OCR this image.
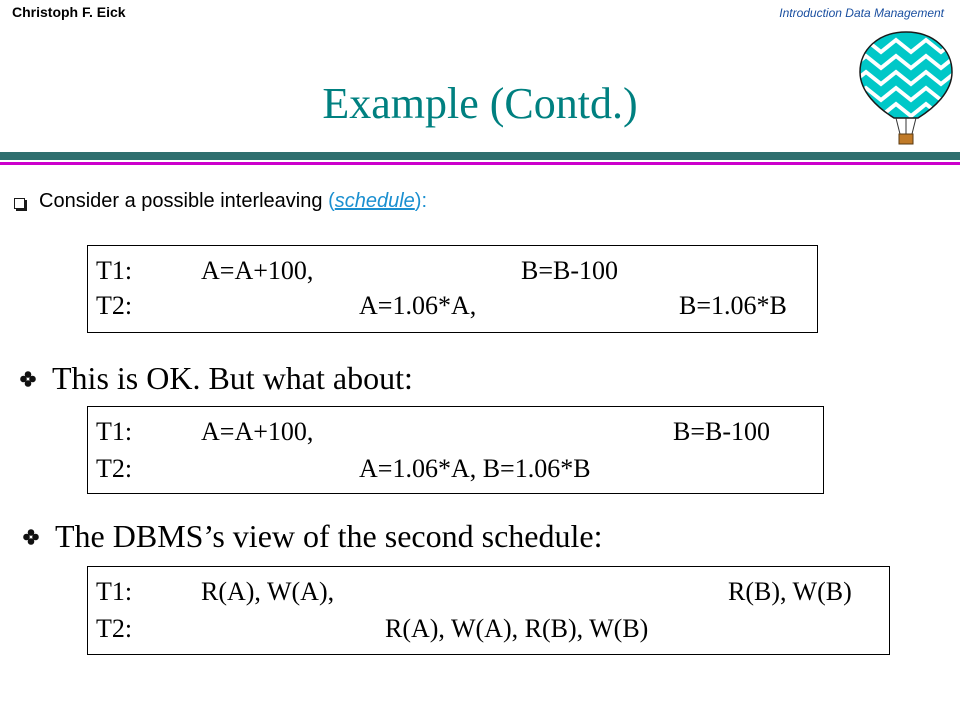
Christoph F. Eick	Introduction Data Management
Example (Contd.)
Consider a possible interleaving (schedule):
T1:	A=A+100,	B=B-100
T2:	A=1.06*A,	B=1.06*B
This is OK. But what about:
T1:	A=A+100,	B=B-100
T2:	A=1.06*A, B=1.06*B
The DBMS’s view of the second schedule:
T1:	R(A), W(A),	R(B), W(B)
T2:	R(A), W(A), R(B), W(B)
